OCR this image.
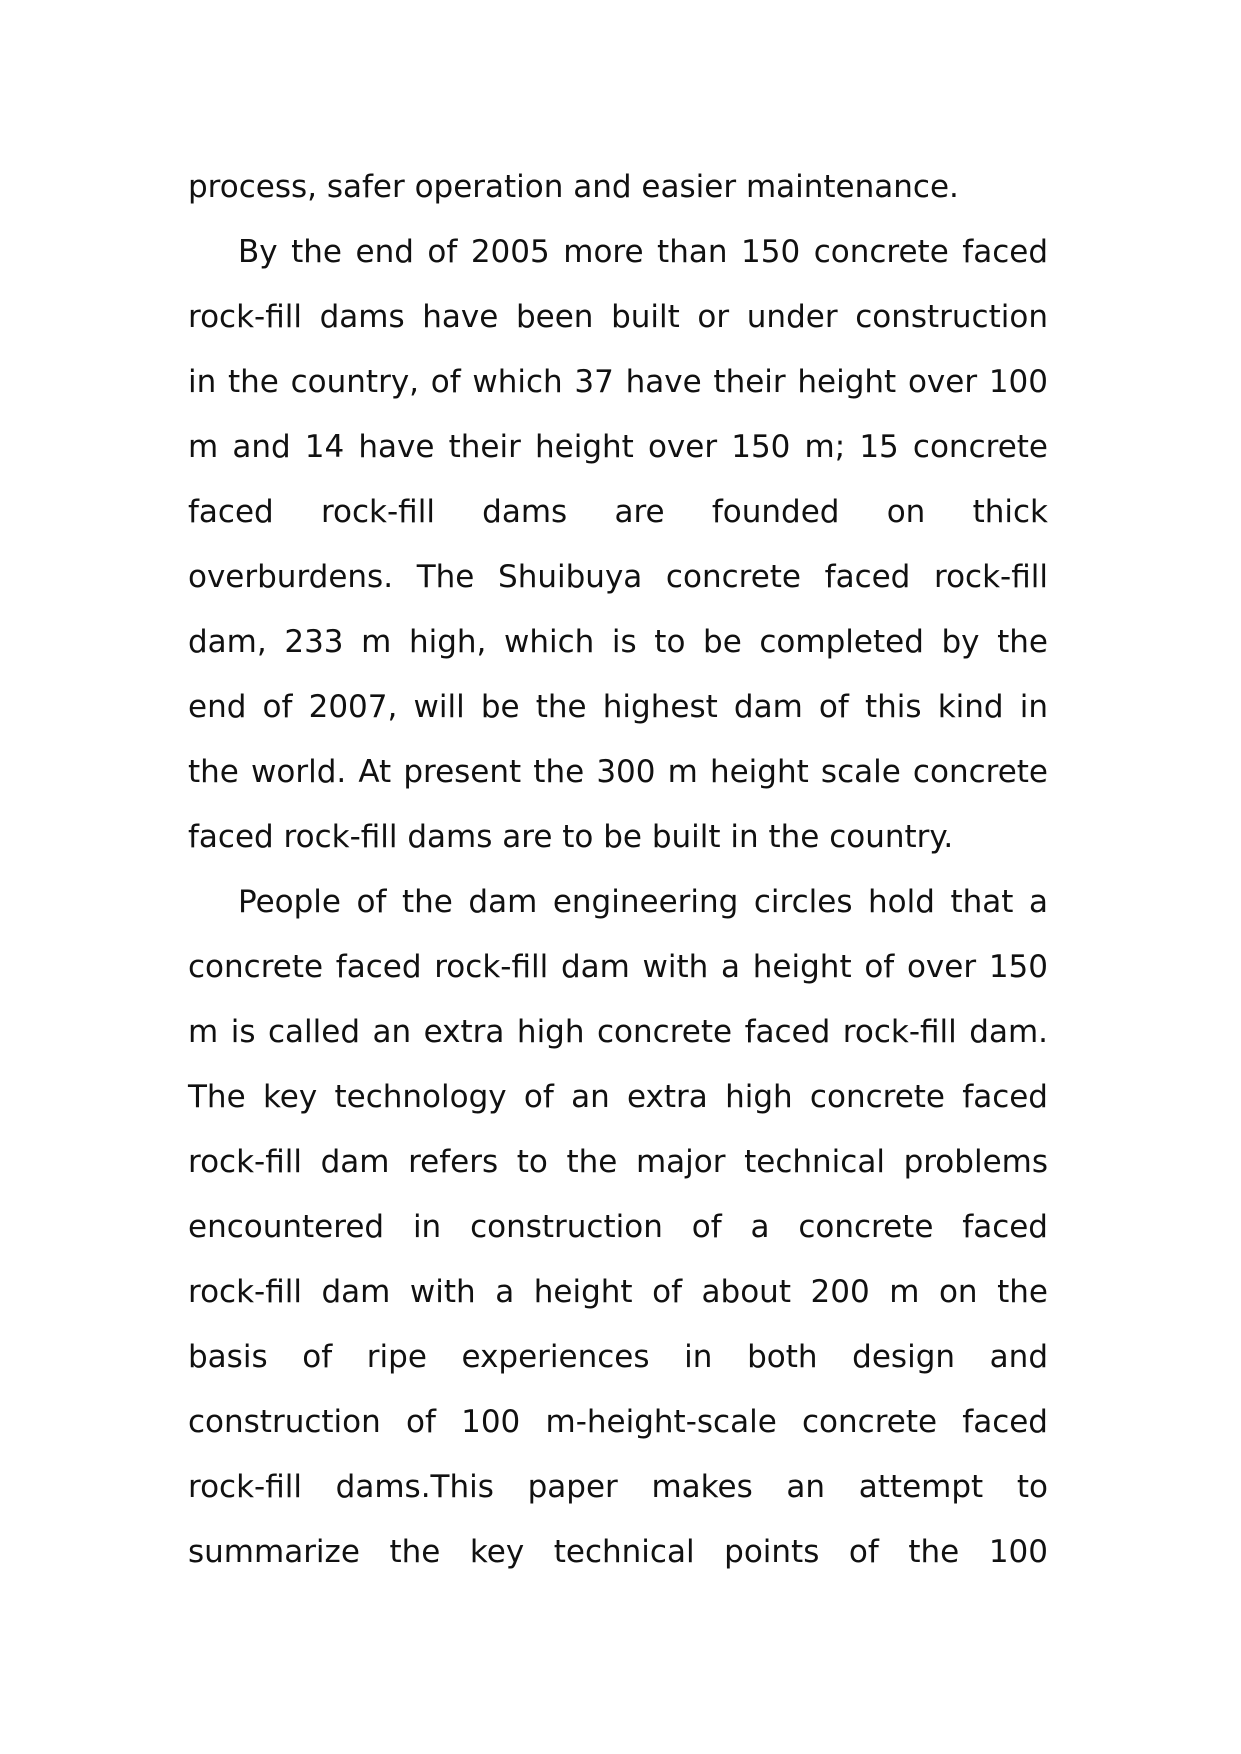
process, safer operation and easier maintenance.
By the end of 2005 more than 150 concrete faced
rock-fill dams have been built or under construction
in the country, of which 37 have their height over 100
m and 14 have their height over 150 m; 15 concrete
faced rock-fill dams are founded on thick
overburdens. The Shuibuya concrete faced rock-fill
dam, 233 m high, which is to be completed by the
end of 2007, will be the highest dam of this kind in
the world. At present the 300 m height scale concrete
faced rock-fill dams are to be built in the country.
People of the dam engineering circles hold that a
concrete faced rock-fill dam with a height of over 150
m is called an extra high concrete faced rock-fill dam.
The key technology of an extra high concrete faced
rock-fill dam refers to the major technical problems
encountered in construction of a concrete faced
rock-fill dam with a height of about 200 m on the
basis of ripe experiences in both design and
construction of 100 m-height-scale concrete faced
rock-fill dams.This paper makes an attempt to
summarize the key technical points of the 100
